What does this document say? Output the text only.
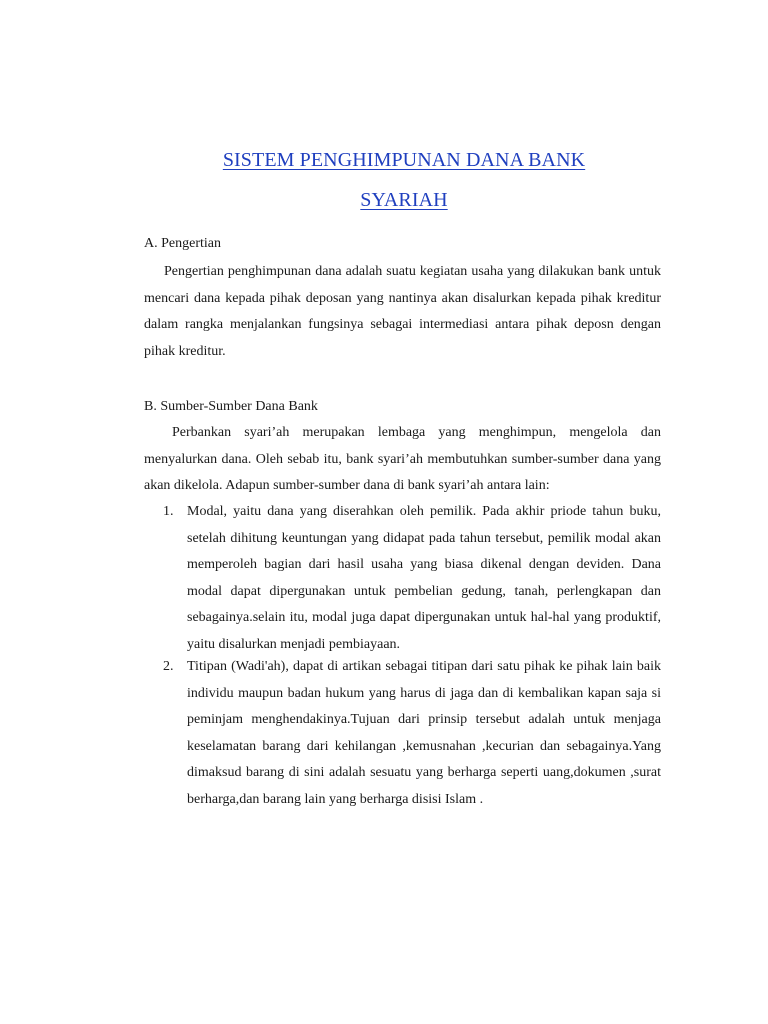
SISTEM PENGHIMPUNAN DANA BANK
SYARIAH
A. Pengertian

Pengertian penghimpunan dana adalah suatu kegiatan usaha yang dilakukan bank untuk mencari dana kepada pihak deposan yang nantinya akan disalurkan kepada pihak kreditur dalam rangka menjalankan fungsinya sebagai intermediasi antara pihak deposn dengan pihak kreditur.

B. Sumber-Sumber Dana Bank

Perbankan syari’ah merupakan lembaga yang menghimpun, mengelola dan menyalurkan dana. Oleh sebab itu, bank syari’ah membutuhkan sumber-sumber dana yang akan dikelola. Adapun sumber-sumber dana di bank syari’ah antara lain:

1. Modal, yaitu dana yang diserahkan oleh pemilik. Pada akhir priode tahun buku, setelah dihitung keuntungan yang didapat pada tahun tersebut, pemilik modal akan memperoleh bagian dari hasil usaha yang biasa dikenal dengan deviden. Dana modal dapat dipergunakan untuk pembelian gedung, tanah, perlengkapan dan sebagainya.selain itu, modal juga dapat dipergunakan untuk hal-hal yang produktif, yaitu disalurkan menjadi pembiayaan.
2. Titipan (Wadi'ah), dapat di artikan sebagai titipan dari satu pihak ke pihak lain baik individu maupun badan hukum yang harus di jaga dan di kembalikan kapan saja si peminjam menghendakinya.Tujuan dari prinsip tersebut adalah untuk menjaga keselamatan barang dari kehilangan ,kemusnahan ,kecurian dan sebagainya.Yang dimaksud barang di sini adalah sesuatu yang berharga seperti uang,dokumen ,surat berharga,dan barang lain yang berharga disisi Islam .
